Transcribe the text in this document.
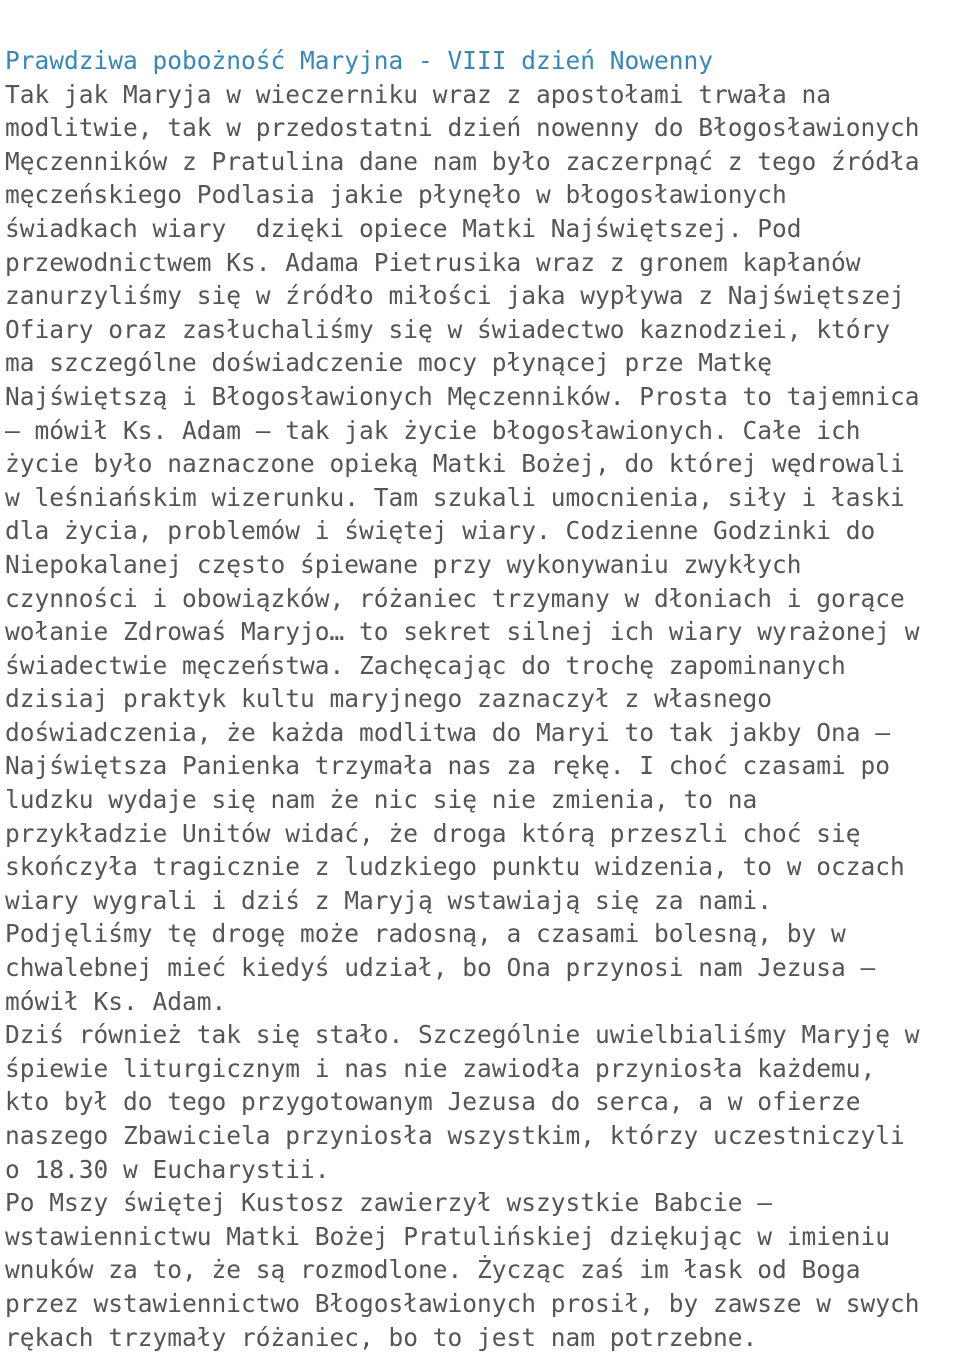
Prawdziwa pobożność Maryjna - VIII dzień Nowenny
Tak jak Maryja w wieczerniku wraz z apostołami trwała na
modlitwie, tak w przedostatni dzień nowenny do Błogosławionych
Męczenników z Pratulina dane nam było zaczerpnąć z tego źródła
męczeńskiego Podlasia jakie płynęło w błogosławionych
świadkach wiary  dzięki opiece Matki Najświętszej. Pod
przewodnictwem Ks. Adama Pietrusika wraz z gronem kapłanów
zanurzyliśmy się w źródło miłości jaka wypływa z Najświętszej
Ofiary oraz zasłuchaliśmy się w świadectwo kaznodziei, który
ma szczególne doświadczenie mocy płynącej prze Matkę
Najświętszą i Błogosławionych Męczenników. Prosta to tajemnica
– mówił Ks. Adam – tak jak życie błogosławionych. Całe ich
życie było naznaczone opieką Matki Bożej, do której wędrowali
w leśniańskim wizerunku. Tam szukali umocnienia, siły i łaski
dla życia, problemów i świętej wiary. Codzienne Godzinki do
Niepokalanej często śpiewane przy wykonywaniu zwykłych
czynności i obowiązków, różaniec trzymany w dłoniach i gorące
wołanie Zdrowaś Maryjo… to sekret silnej ich wiary wyrażonej w
świadectwie męczeństwa. Zachęcając do trochę zapominanych
dzisiaj praktyk kultu maryjnego zaznaczył z własnego
doświadczenia, że każda modlitwa do Maryi to tak jakby Ona –
Najświętsza Panienka trzymała nas za rękę. I choć czasami po
ludzku wydaje się nam że nic się nie zmienia, to na
przykładzie Unitów widać, że droga którą przeszli choć się
skończyła tragicznie z ludzkiego punktu widzenia, to w oczach
wiary wygrali i dziś z Maryją wstawiają się za nami.
Podjęliśmy tę drogę może radosną, a czasami bolesną, by w
chwalebnej mieć kiedyś udział, bo Ona przynosi nam Jezusa –
mówił Ks. Adam.
Dziś również tak się stało. Szczególnie uwielbialiśmy Maryję w
śpiewie liturgicznym i nas nie zawiodła przyniosła każdemu,
kto był do tego przygotowanym Jezusa do serca, a w ofierze
naszego Zbawiciela przyniosła wszystkim, którzy uczestniczyli
o 18.30 w Eucharystii.
Po Mszy świętej Kustosz zawierzył wszystkie Babcie –
wstawiennictwu Matki Bożej Pratulińskiej dziękując w imieniu
wnuków za to, że są rozmodlone. Życząc zaś im łask od Boga
przez wstawiennictwo Błogosławionych prosił, by zawsze w swych
rękach trzymały różaniec, bo to jest nam potrzebne.
